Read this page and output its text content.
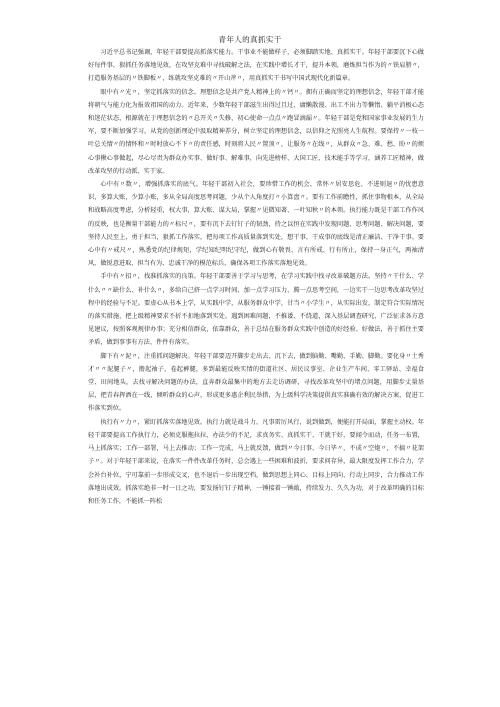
青年人的真抓实干

习近平总书记强调，年轻干部要提高抓落实能力。干事业不能做样子，必须脚踏实地、真抓实干。年轻干部要沉下心做好每件事，狠抓任务落地见效，在攻坚克难中寻找破解之法，在实践中增长才干，提升本领，磨炼担当作为的〃铁肩膀〃，打造服务基层的〃铁脚板〃，练就攻坚克难的〃开山斧〃，用真抓实干书写中国式现代化新篇章。

眼中有〃光〃，坚定抓落实的信念。理想信念是共产党人精神上的〃钙〃。拥有正确而坚定的理想信念，年轻干部才能将朝气与能力化为报效祖国的动力。近年来，少数年轻干部滋生出得过且过、庸懒散漫、出工不出力等懒惰、躺平消极心态和迷茫状态，根源就在于理想信念的〃总开关〃失修，初心使命一点点〃跑冒滴漏〃。年轻干部是党和国家事业发展的生力军，要不断加强学习，从党的创新理论中汲取精神养分，树立坚定的理想信念，以信仰之光照亮人生航程。要保持〃一枝一叶总关情〃的情怀和〃时时放心不下〃的责任感，时刻将人民〃置顶〃，让服务〃在线〃，从群众〃急、难、愁、盼〃的烦心事揪心事做起，尽心尽责为群众办实事、做好事、解难事，向先进榜样、大国工匠、技术能手等学习，涵养工匠精神，做改革攻坚的行动派、实干家。

心中有〃数〃，增强抓落实的底气。年轻干部初入社会，要珍惜工作的机会，常怀〃居安思危、不进则退〃的忧患意识，多算大账，少算小账，多从全局高度思考问题，少从个人角度打〃小算盘〃。要有工作前瞻性，抓住事物根本，从全局和战略高度考虑，分析轻重，权大事，算大账、谋大局，掌握〃见微知著、一叶知秋〃的本领。执行能力既是干部工作作风的反映，也是衡量干部能力的〃标尺〃，要有沉下去钉钉子的韧劲，持之以恒在实践中发现问题、思考问题、解决问题，要坚持人民至上，勇于担当，狠抓工作落实，把每项工作高质量落到实处，想干事、干成事的底线是清正廉洁、干净干事。要心中有〃戒尺〃，熟悉党的纪律规矩，学纪知纪明纪守纪，做到心有敬畏、言有所戒、行有所止，保持一身正气，两袖清风，做锐意进取、担当有为、忠诚干净的模范标兵，确保各项工作落实落地见效。

手中有〃招〃，找准抓落实的良策。年轻干部要善于学习与思考，在学习实践中找寻改革破题方法。坚持〃干什么、学什么〃〃缺什么、补什么〃，多给自己挤一点学习时间、加一点学习压力、腾一点思考空间，一边实干一边思考改革攻坚过程中的经验与不足。要虚心从书本上学，从实践中学，从服务群众中学，甘当〃小学生〃，从实际出发，制定符合实际情况的落实措施，把上级精神要求不折不扣地落到实处。遇到困难问题，不推诿、不绕道，深入基层调查研究，广泛征求各方意见建议，按照客观规律办事；充分相信群众，依靠群众，善于总结在服务群众实践中创造的好经验、好做法，善于抓住主要矛盾，做到事事有方法、件件有落实。

脚下有〃泥〃，注重抓问题解决。年轻干部要迈开脚步走出去、沉下去，做到脑勤、嘴勤、手勤、脚勤。要化身〃土秀才〃〃泥腿子〃，撸起袖子，卷起裤腿，多到最能反映实情的街道社区、居民议事室、企业生产车间、零工驿站、幸福食堂、田间地头，去找寻解决问题的办法，直奔群众最集中的地方去走访调研，寻找改革攻坚中的堵点问题，用脚步丈量基层，把青春挥洒在一线，倾听群众的心声，形成更多惠企利民举措，为上级科学决策提供真实准确有效的解决方案，促进工作落实到位。

执行有〃力〃，紧盯抓落实落地见效。执行力就是战斗力，凡事雷厉风行，说到做到，便能打开局面，掌握主动权。年轻干部要提高工作执行力，必须克服拖拉拉、办法少的不足，求真务实、真抓实干、干就干好，要闻令而动，任务一布置，马上抓落实；工作一部署，马上去推动；工作一完成，马上就反馈，做到〃今日事、今日毕〃，不成〃空炮〃，不搞〃花架子〃。对于年轻干部来说，在落实一件件改革任务时，总会遇上一些困难和波折，要求问存异，最大限度发挥工作合力，学会补台补位，宁可靠前一步形成交叉，也不退后一步出现空档，做到思想上同心、目标上同向、行动上同步，合力推动工作落地出成效。抓落实绝非一时一日之功，要发扬钉钉子精神，一锤接着一锤敲，持续发力、久久为功，对于改革明确的目标和任务工作，不能抓一阵松
